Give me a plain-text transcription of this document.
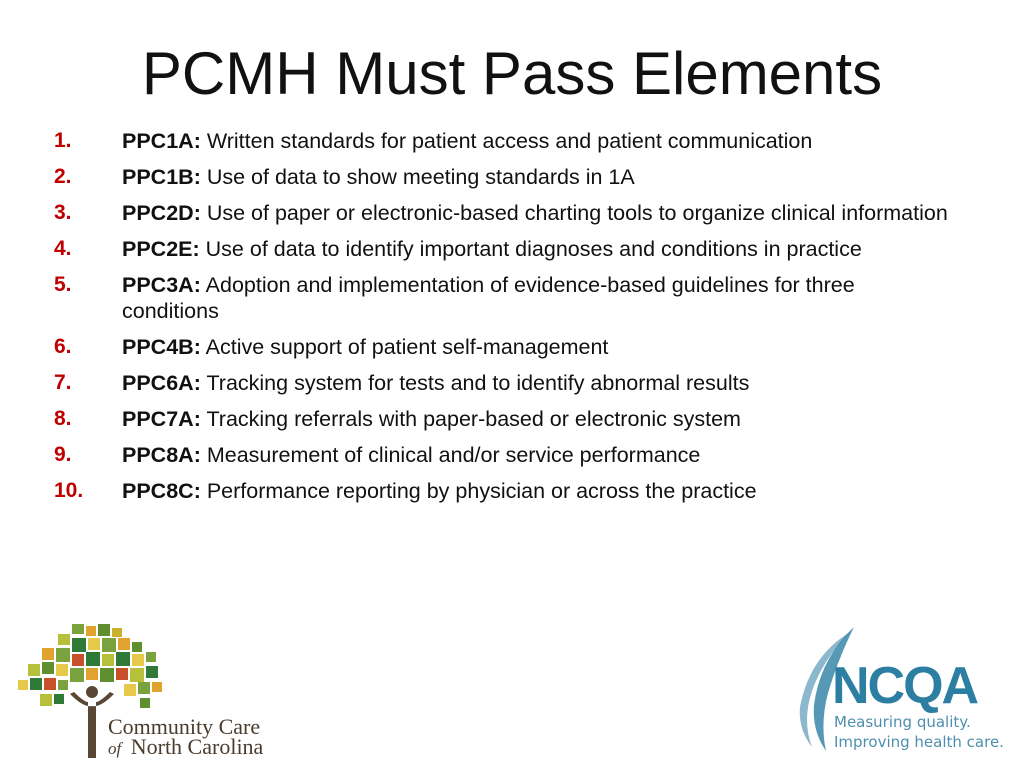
PCMH Must Pass Elements
1. PPC1A: Written standards for patient access and patient communication
2. PPC1B: Use of data to show meeting standards in 1A
3. PPC2D: Use of paper or electronic-based charting tools to organize clinical information
4. PPC2E: Use of data to identify important diagnoses and conditions in practice
5. PPC3A: Adoption and implementation of evidence-based guidelines for three conditions
6. PPC4B: Active support of patient self-management
7. PPC6A: Tracking system for tests and to identify abnormal results
8. PPC7A: Tracking referrals with paper-based or electronic system
9. PPC8A: Measurement of clinical and/or service performance
10. PPC8C: Performance reporting by physician or across the practice
Community Care
of North Carolina
NCQA
Measuring quality.
Improving health care.
